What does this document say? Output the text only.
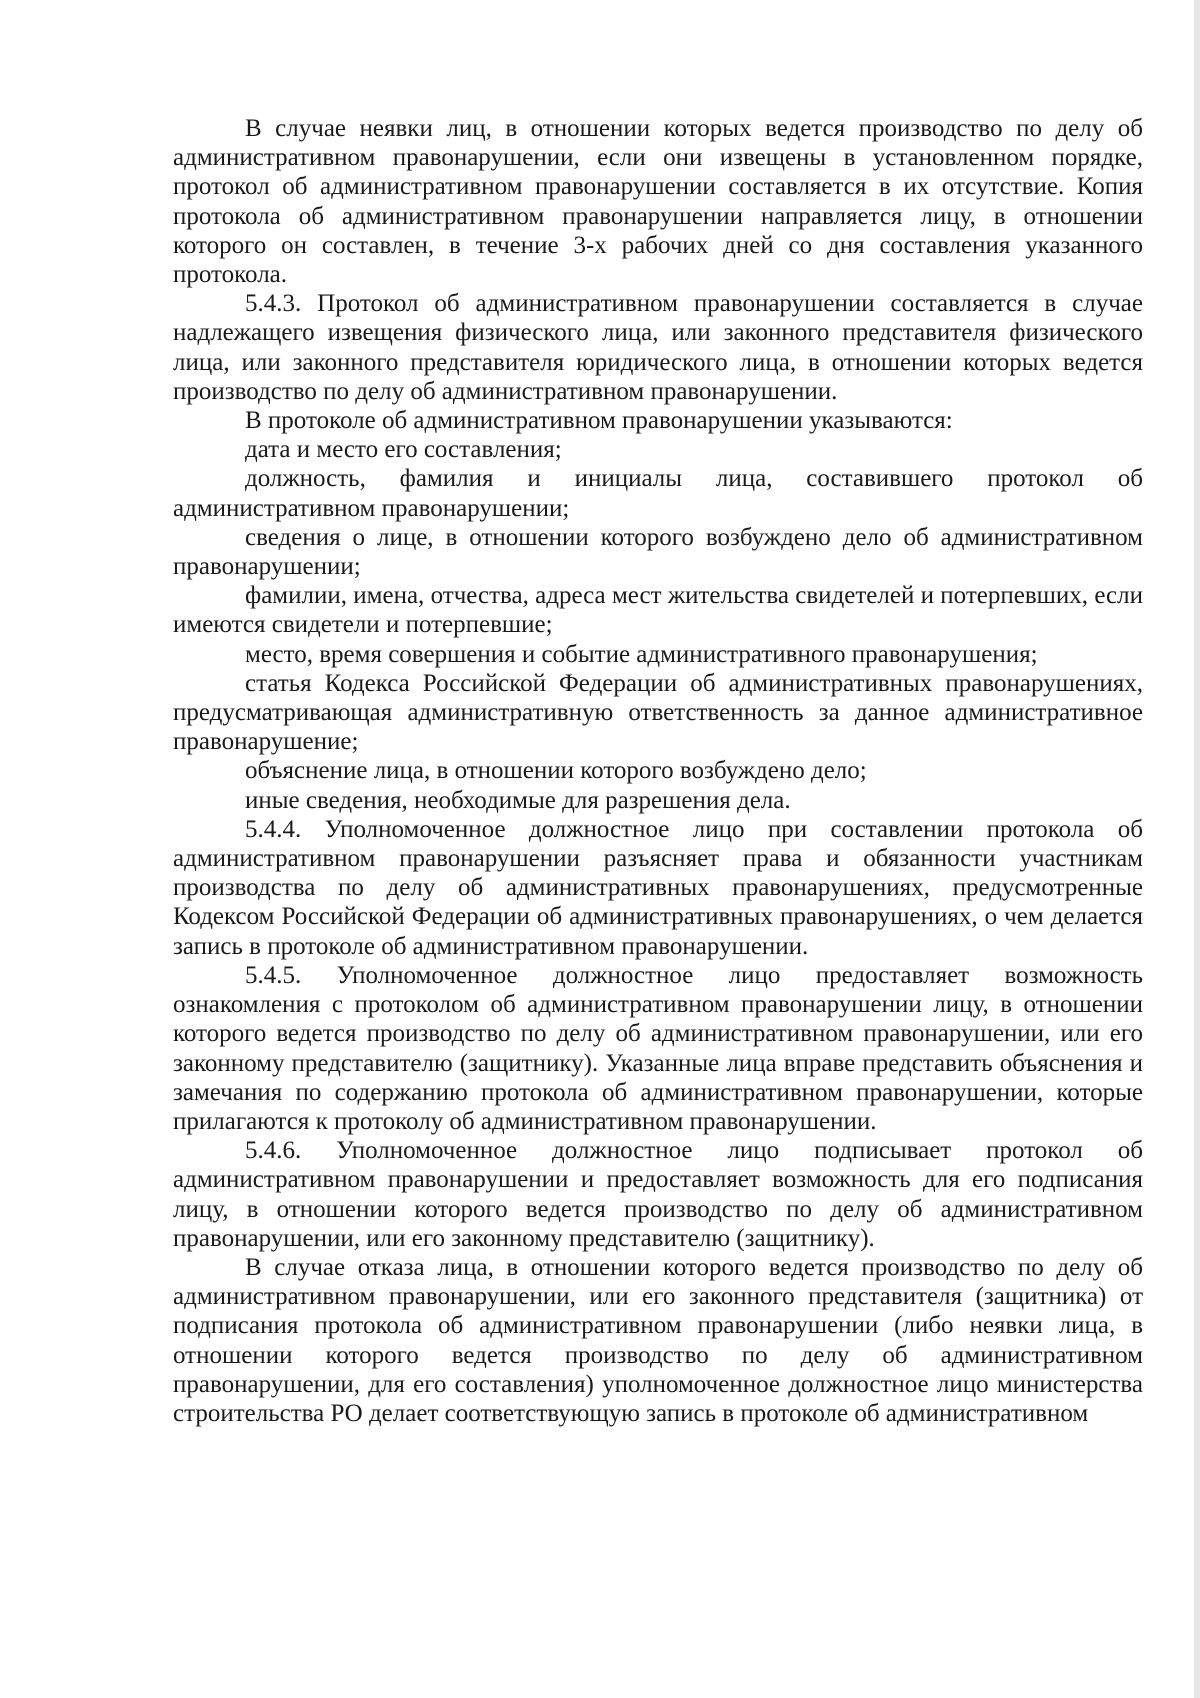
В случае неявки лиц, в отношении которых ведется производство по делу об административном правонарушении, если они извещены в установленном порядке, протокол об административном правонарушении составляется в их отсутствие. Копия протокола об административном правонарушении направляется лицу, в отношении которого он составлен, в течение 3-х рабочих дней со дня составления указанного протокола.

5.4.3. Протокол об административном правонарушении составляется в случае надлежащего извещения физического лица, или законного представителя физического лица, или законного представителя юридического лица, в отношении которых ведется производство по делу об административном правонарушении.

В протоколе об административном правонарушении указываются:

дата и место его составления;

должность, фамилия и инициалы лица, составившего протокол об административном правонарушении;

сведения о лице, в отношении которого возбуждено дело об административном правонарушении;

фамилии, имена, отчества, адреса мест жительства свидетелей и потерпевших, если имеются свидетели и потерпевшие;

место, время совершения и событие административного правонарушения;

статья Кодекса Российской Федерации об административных правонарушениях, предусматривающая административную ответственность за данное административное правонарушение;

объяснение лица, в отношении которого возбуждено дело;

иные сведения, необходимые для разрешения дела.

5.4.4. Уполномоченное должностное лицо при составлении протокола об административном правонарушении разъясняет права и обязанности участникам производства по делу об административных правонарушениях, предусмотренные Кодексом Российской Федерации об административных правонарушениях, о чем делается запись в протоколе об административном правонарушении.

5.4.5. Уполномоченное должностное лицо предоставляет возможность ознакомления с протоколом об административном правонарушении лицу, в отношении которого ведется производство по делу об административном правонарушении, или его законному представителю (защитнику). Указанные лица вправе представить объяснения и замечания по содержанию протокола об административном правонарушении, которые прилагаются к протоколу об административном правонарушении.

5.4.6. Уполномоченное должностное лицо подписывает протокол об административном правонарушении и предоставляет возможность для его подписания лицу, в отношении которого ведется производство по делу об административном правонарушении, или его законному представителю (защитнику).

В случае отказа лица, в отношении которого ведется производство по делу об административном правонарушении, или его законного представителя (защитника) от подписания протокола об административном правонарушении (либо неявки лица, в отношении которого ведется производство по делу об административном правонарушении, для его составления) уполномоченное должностное лицо министерства строительства РО делает соответствующую запись в протоколе об административном
